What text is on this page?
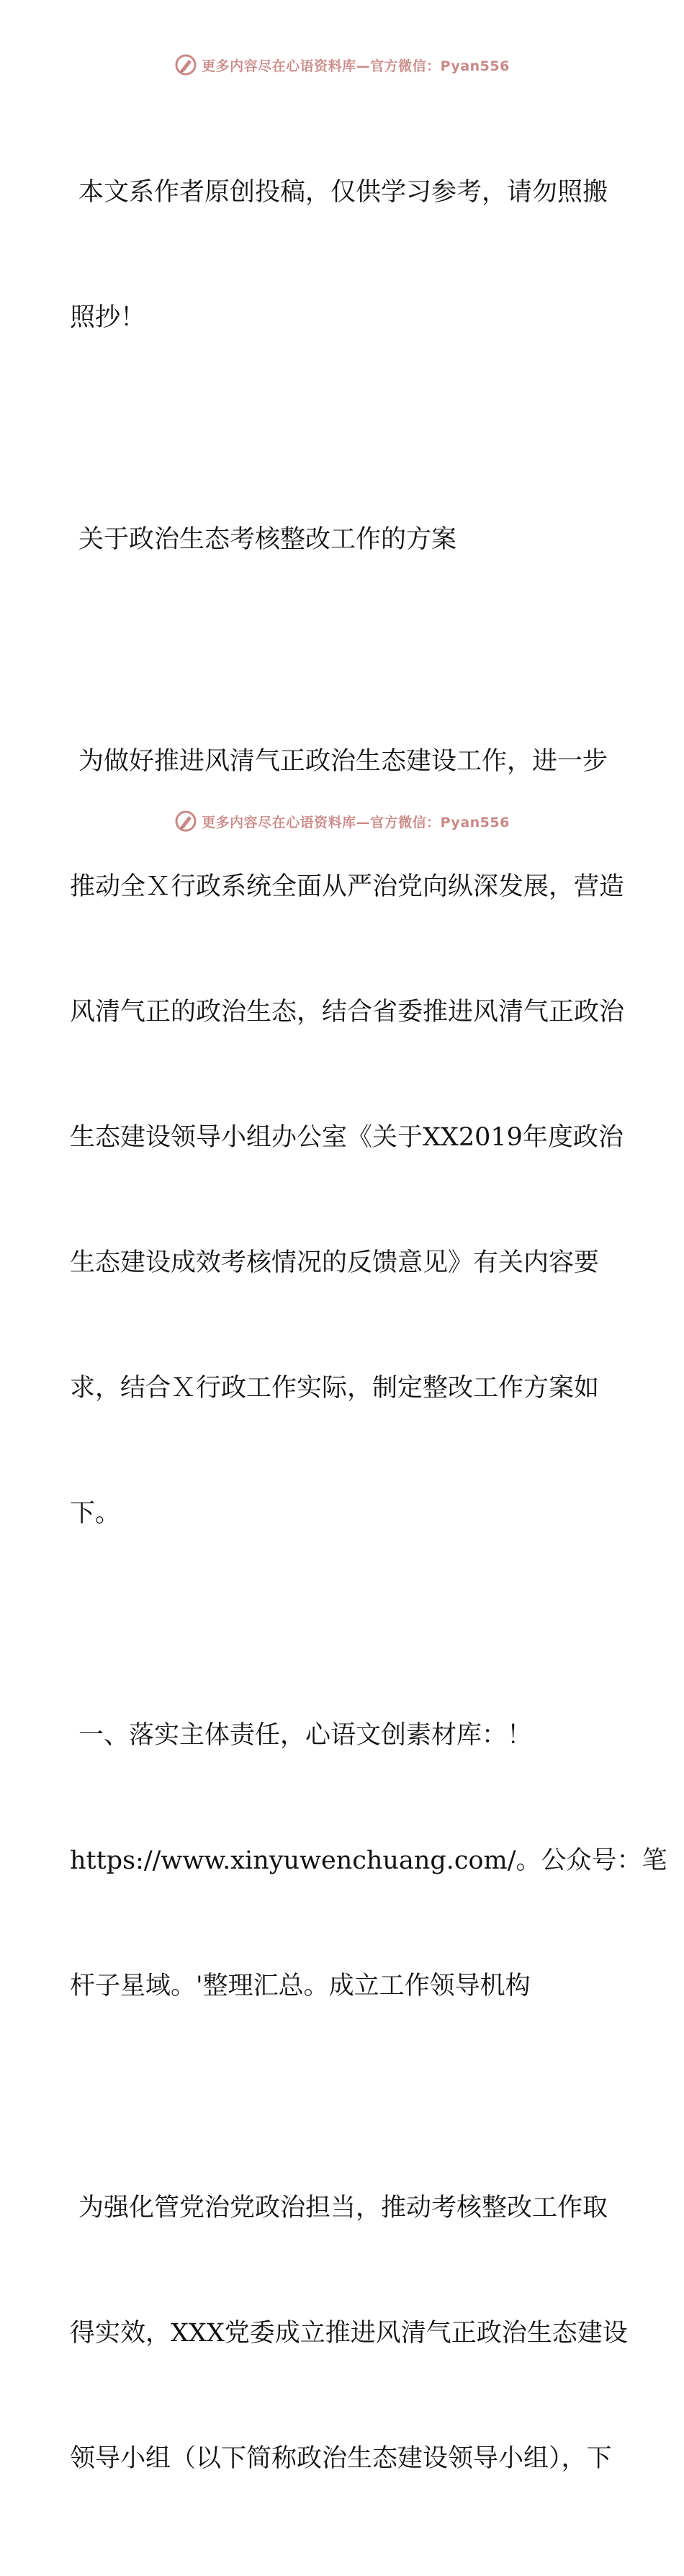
更多内容尽在心语资料库—官方微信：Pyan556

本文系作者原创投稿，仅供学习参考，请勿照搬

照抄！

关于政治生态考核整改工作的方案

为做好推进风清气正政治生态建设工作，进一步

推动全Ｘ行政系统全面从严治党向纵深发展，营造

风清气正的政治生态，结合省委推进风清气正政治

生态建设领导小组办公室《关于XX2019年度政治

生态建设成效考核情况的反馈意见》有关内容要

求，结合Ｘ行政工作实际，制定整改工作方案如

下。

一、落实主体责任，心语文创素材库：！

https://www.xinyuwenchuang.com/。公众号：笔

杆子星域。'整理汇总。成立工作领导机构

为强化管党治党政治担当，推动考核整改工作取

得实效，XXX党委成立推进风清气正政治生态建设

领导小组（以下简称政治生态建设领导小组），下

更多内容尽在心语资料库—官方微信：Pyan556
